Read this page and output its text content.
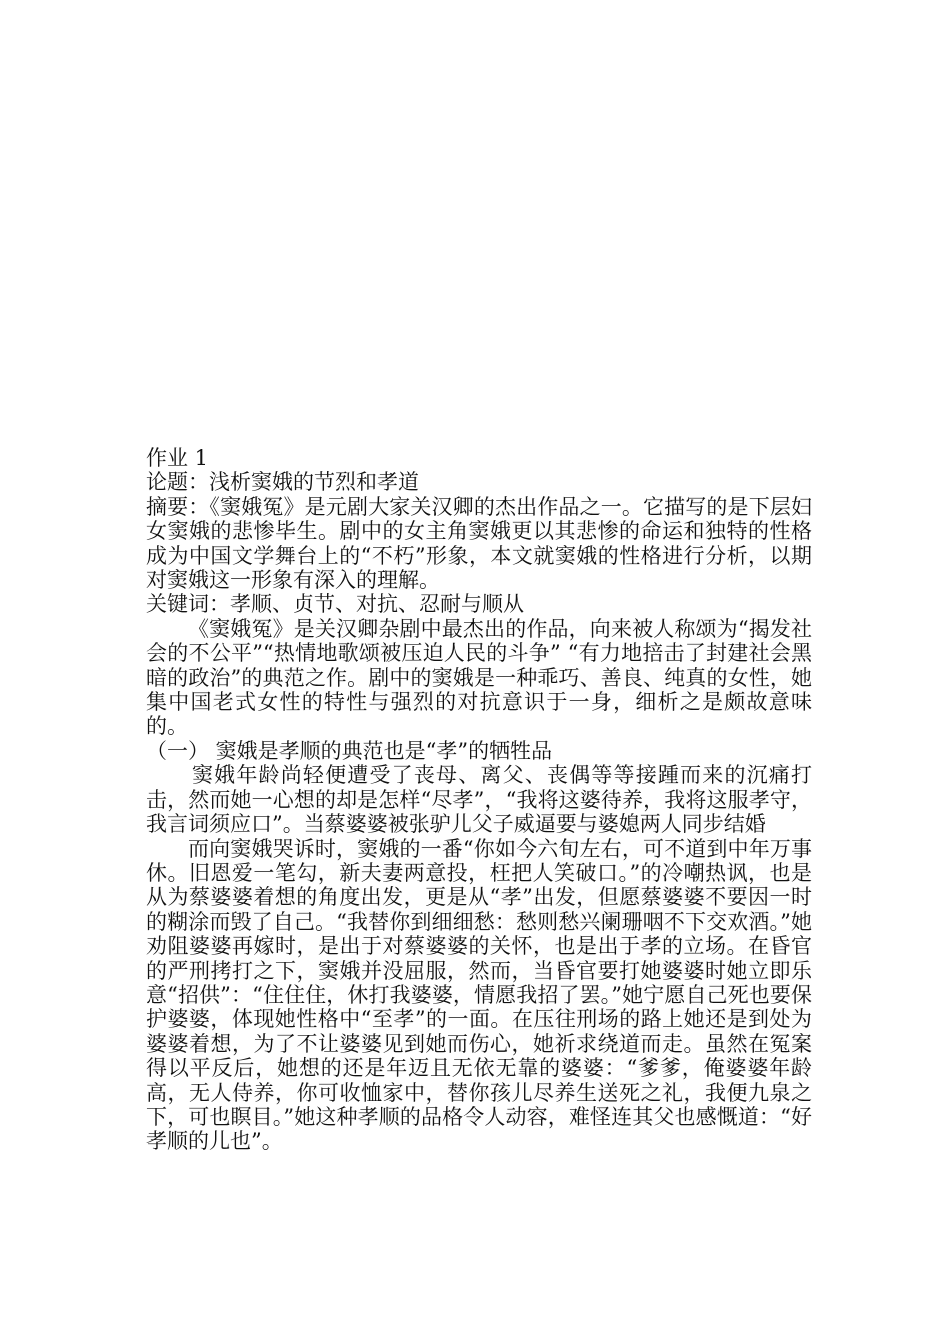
作业 1

论题：浅析窦娥的节烈和孝道

摘要：《窦娥冤》是元剧大家关汉卿的杰出作品之一。它描写的是下层妇女窦娥的悲惨毕生。剧中的女主角窦娥更以其悲惨的命运和独特的性格成为中国文学舞台上的“不朽”形象，本文就窦娥的性格进行分析，以期对窦娥这一形象有深入的理解。

关键词：孝顺、贞节、对抗、忍耐与顺从

《窦娥冤》是关汉卿杂剧中最杰出的作品，向来被人称颂为“揭发社会的不公平”“热情地歌颂被压迫人民的斗争” “有力地掊击了封建社会黑暗的政治”的典范之作。剧中的窦娥是一种乖巧、善良、纯真的女性，她集中国老式女性的特性与强烈的对抗意识于一身，细析之是颇故意味的。

（一） 窦娥是孝顺的典范也是“孝”的牺牲品

窦娥年龄尚轻便遭受了丧母、离父、丧偶等等接踵而来的沉痛打击，然而她一心想的却是怎样“尽孝”，“我将这婆待养，我将这服孝守，我言词须应口”。当蔡婆婆被张驴儿父子威逼要与婆媳两人同步结婚

而向窦娥哭诉时，窦娥的一番“你如今六旬左右，可不道到中年万事休。旧恩爱一笔勾，新夫妻两意投，枉把人笑破口。”的冷嘲热讽，也是从为蔡婆婆着想的角度出发，更是从“孝”出发，但愿蔡婆婆不要因一时的糊涂而毁了自己。“我替你到细细愁：愁则愁兴阑珊咽不下交欢酒。”她劝阻婆婆再嫁时，是出于对蔡婆婆的关怀，也是出于孝的立场。在昏官的严刑拷打之下，窦娥并没屈服，然而，当昏官要打她婆婆时她立即乐意“招供”：“住住住，休打我婆婆，情愿我招了罢。”她宁愿自己死也要保护婆婆，体现她性格中“至孝”的一面。在压往刑场的路上她还是到处为婆婆着想，为了不让婆婆见到她而伤心，她祈求绕道而走。虽然在冤案得以平反后，她想的还是年迈且无依无靠的婆婆：“爹爹，俺婆婆年龄高，无人侍养，你可收恤家中，替你孩儿尽养生送死之礼，我便九泉之下，可也瞑目。”她这种孝顺的品格令人动容，难怪连其父也感慨道：“好孝顺的儿也”。
